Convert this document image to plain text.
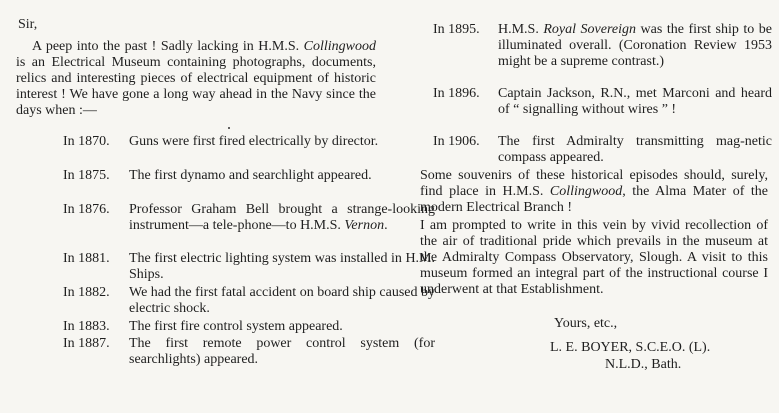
Sir,

A peep into the past ! Sadly lacking in H.M.S. Collingwood is an Electrical Museum containing photographs, documents, relics and interesting pieces of electrical equipment of historic interest ! We have gone a long way ahead in the Navy since the days when :—

In 1870. Guns were first fired electrically by director.
In 1875. The first dynamo and searchlight appeared.
In 1876. Professor Graham Bell brought a strange-looking instrument—a tele-phone—to H.M.S. Vernon.
In 1881. The first electric lighting system was installed in H.M. Ships.
In 1882. We had the first fatal accident on board ship caused by electric shock.
In 1883. The first fire control system appeared.
In 1887. The first remote power control system (for searchlights) appeared.
In 1895. H.M.S. Royal Sovereign was the first ship to be illuminated overall. (Coronation Review 1953 might be a supreme contrast.)
In 1896. Captain Jackson, R.N., met Marconi and heard of “ signalling without wires ” !
In 1906. The first Admiralty transmitting mag-netic compass appeared.

Some souvenirs of these historical episodes should, surely, find place in H.M.S. Collingwood, the Alma Mater of the modern Electrical Branch !

I am prompted to write in this vein by vivid recollection of the air of traditional pride which prevails in the museum at the Admiralty Compass Observatory, Slough. A visit to this museum formed an integral part of the instructional course I underwent at that Establishment.

Yours, etc.,
L. E. BOYER, S.C.E.O. (L).
N.L.D., Bath.
